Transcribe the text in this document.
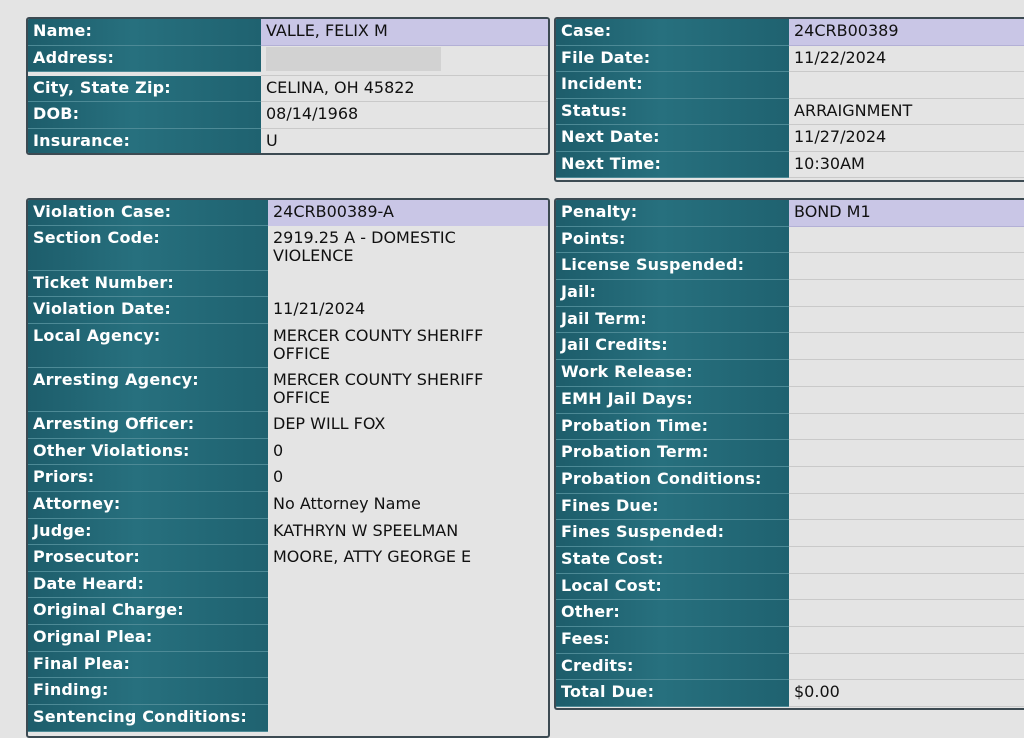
Name:	VALLE, FELIX M
Address:
City, State Zip:	CELINA, OH 45822
DOB:	08/14/1968
Insurance:	U
Case:	24CRB00389
File Date:	11/22/2024
Incident:
Status:	ARRAIGNMENT
Next Date:	11/27/2024
Next Time:	10:30AM
Violation Case:	24CRB00389-A
Section Code:	2919.25 A - DOMESTIC
VIOLENCE
Ticket Number:
Violation Date:	11/21/2024
Local Agency:	MERCER COUNTY SHERIFF
OFFICE
Arresting Agency:	MERCER COUNTY SHERIFF
OFFICE
Arresting Officer:	DEP WILL FOX
Other Violations:	0
Priors:	0
Attorney:	No Attorney Name
Judge:	KATHRYN W SPEELMAN
Prosecutor:	MOORE, ATTY GEORGE E
Date Heard:
Original Charge:
Orignal Plea:
Final Plea:
Finding:
Sentencing Conditions:
Penalty:	BOND M1
Points:
License Suspended:
Jail:
Jail Term:
Jail Credits:
Work Release:
EMH Jail Days:
Probation Time:
Probation Term:
Probation Conditions:
Fines Due:
Fines Suspended:
State Cost:
Local Cost:
Other:
Fees:
Credits:
Total Due:	$0.00
